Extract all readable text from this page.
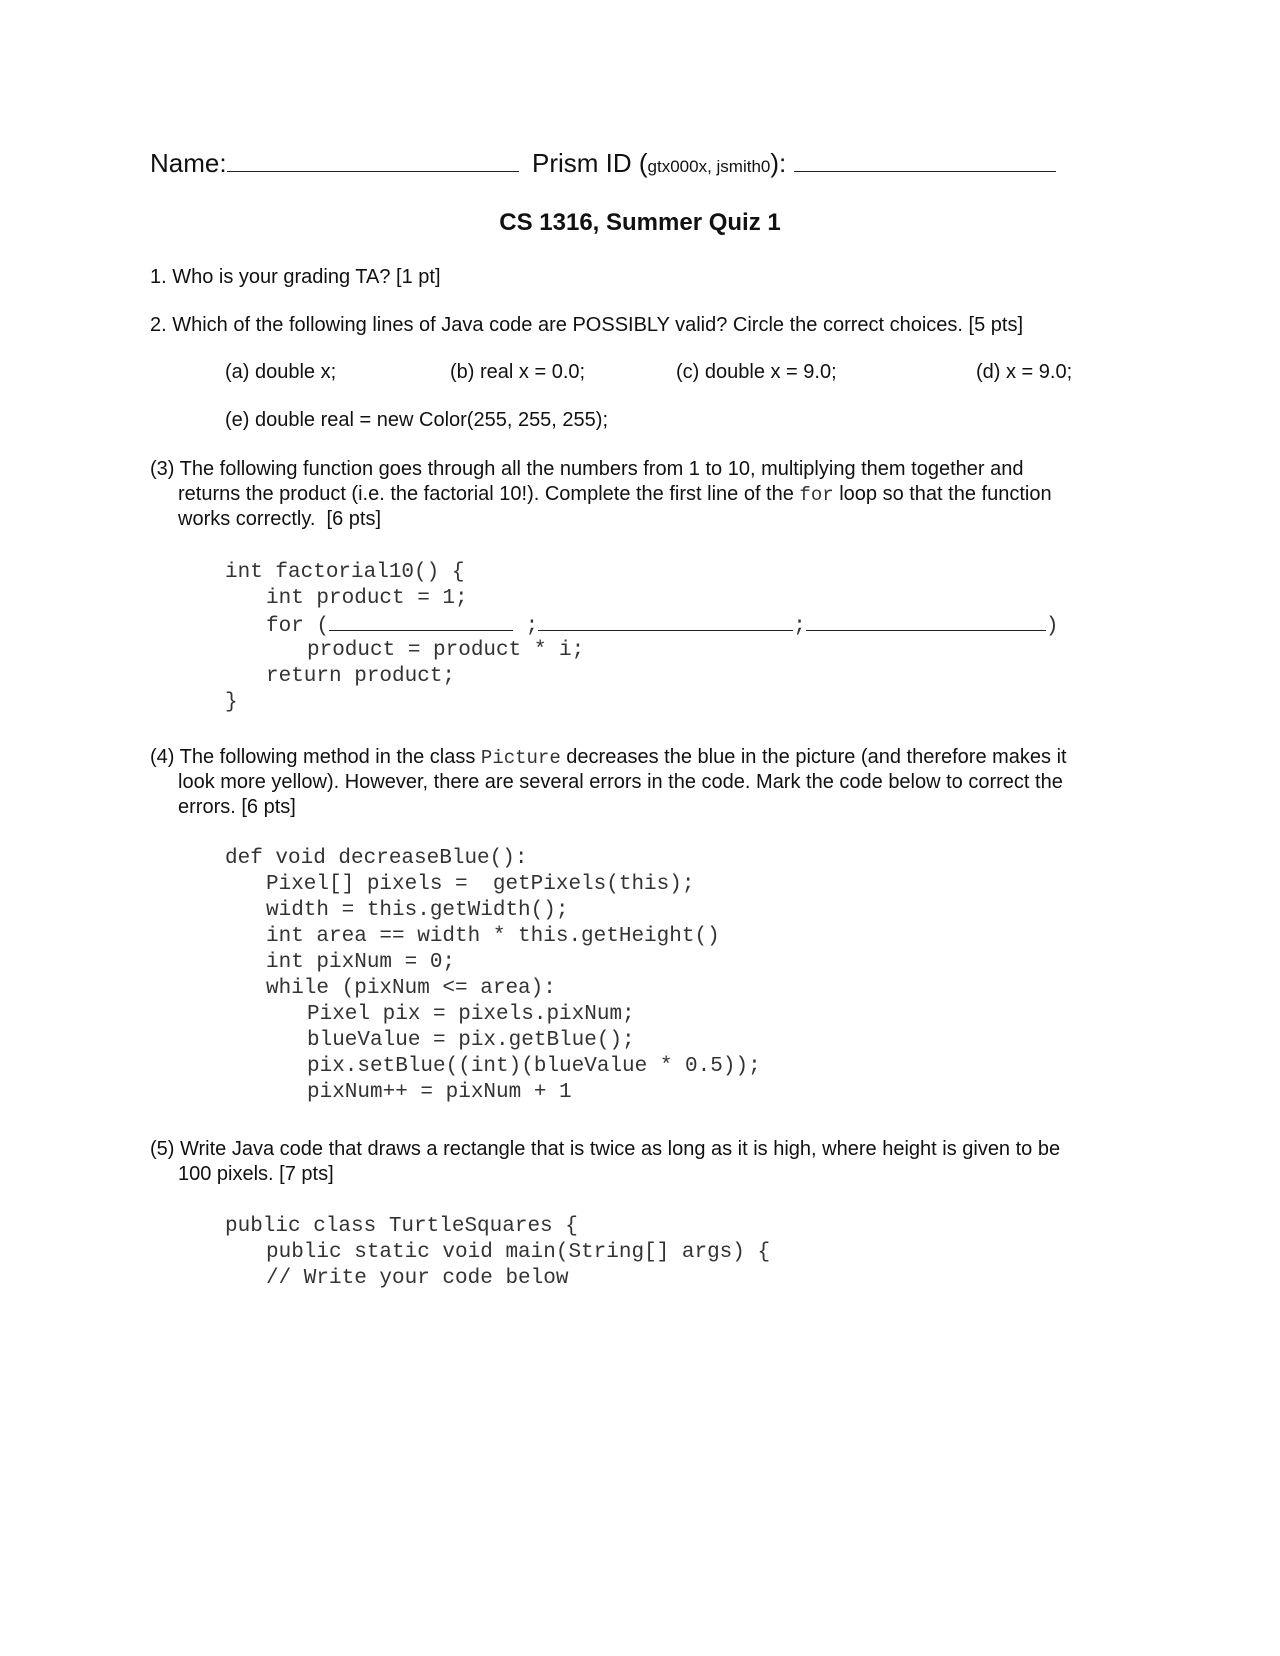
Name:	Prism ID (gtx000x, jsmith0):
CS 1316, Summer Quiz 1
1. Who is your grading TA? [1 pt]
2. Which of the following lines of Java code are POSSIBLY valid? Circle the correct choices. [5 pts]
(a) double x;	(b) real x = 0.0;	(c) double x = 9.0;	(d) x = 9.0;
(e) double real = new Color(255, 255, 255);
(3) The following function goes through all the numbers from 1 to 10, multiplying them together and
returns the product (i.e. the factorial 10!). Complete the first line of the for loop so that the function
works correctly.  [6 pts]
int factorial10() {
int product = 1;
for (	;	;	)
product = product * i;
return product;
}
(4) The following method in the class Picture decreases the blue in the picture (and therefore makes it
look more yellow). However, there are several errors in the code. Mark the code below to correct the
errors. [6 pts]
def void decreaseBlue():
Pixel[] pixels =  getPixels(this);
width = this.getWidth();
int area == width * this.getHeight()
int pixNum = 0;
while (pixNum <= area):
Pixel pix = pixels.pixNum;
blueValue = pix.getBlue();
pix.setBlue((int)(blueValue * 0.5));
pixNum++ = pixNum + 1
(5) Write Java code that draws a rectangle that is twice as long as it is high, where height is given to be
100 pixels. [7 pts]
public class TurtleSquares {
public static void main(String[] args) {
// Write your code below
